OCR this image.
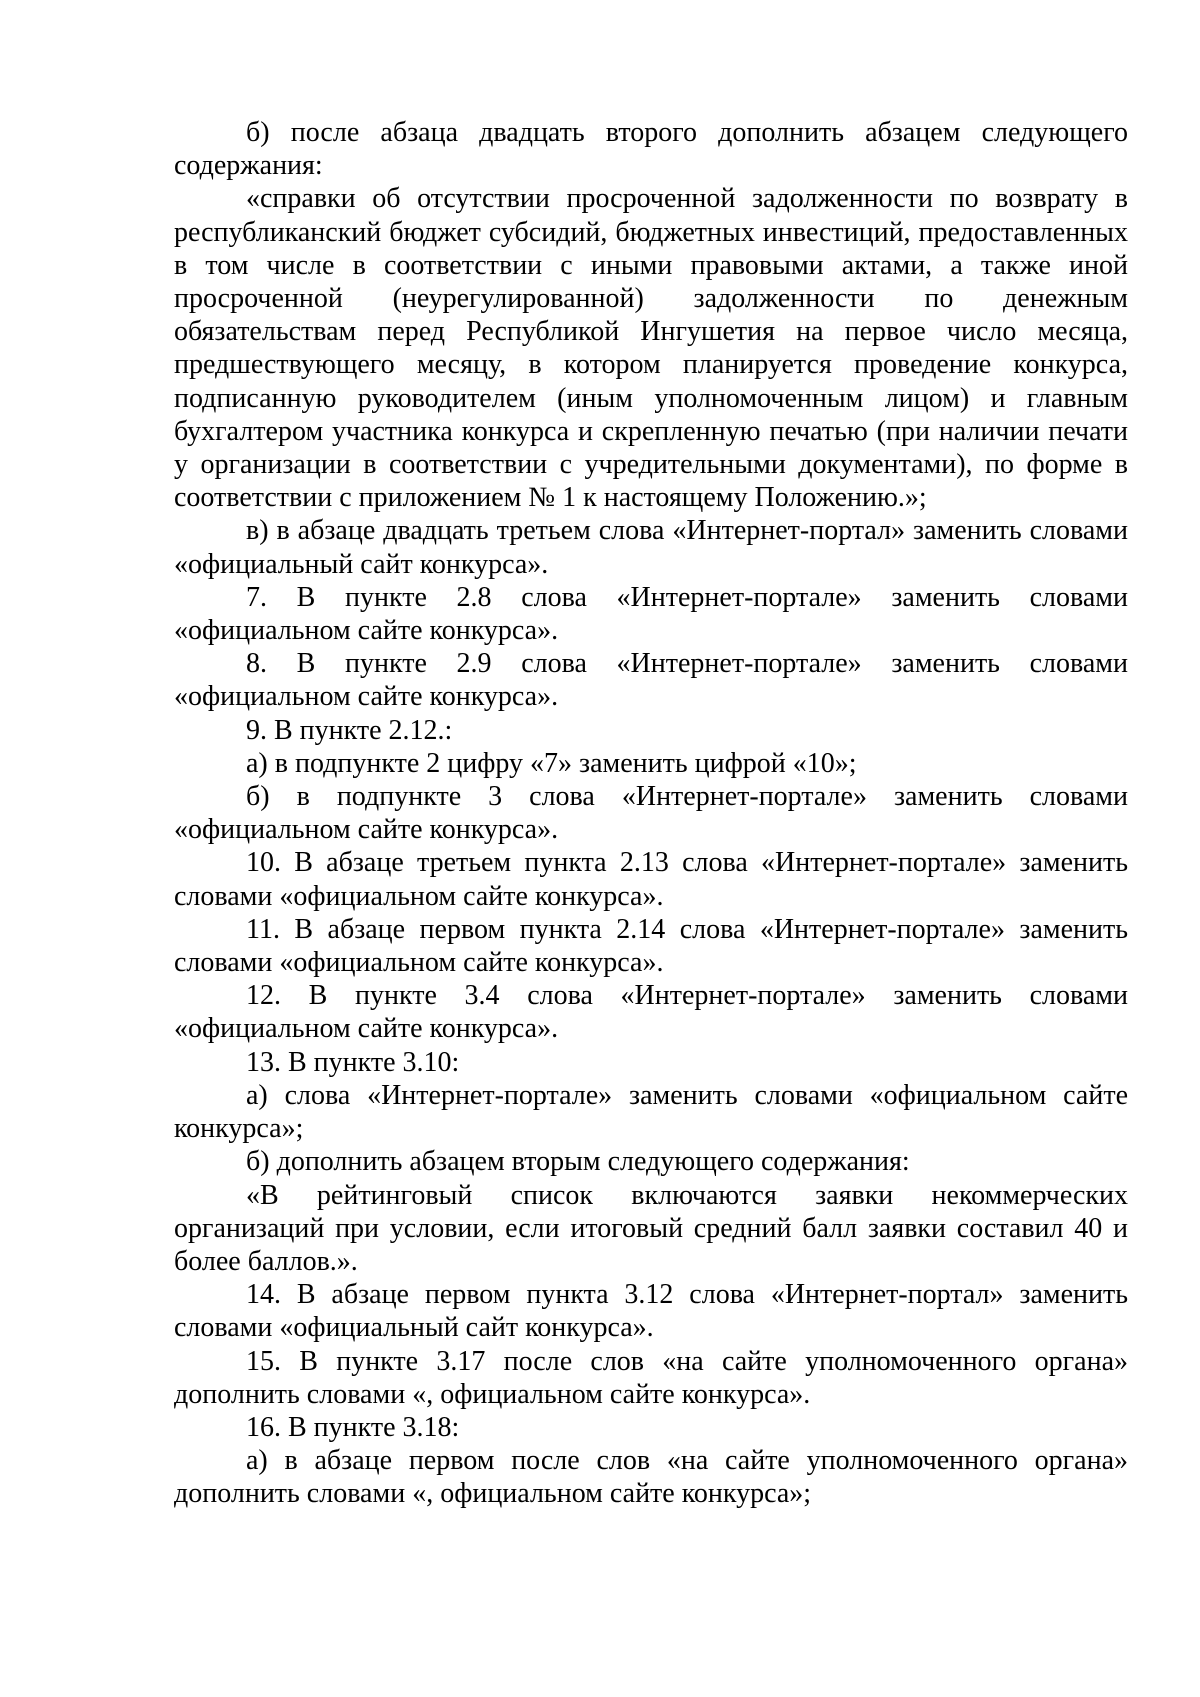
б) после абзаца двадцать второго дополнить абзацем следующего содержания:

«справки об отсутствии просроченной задолженности по возврату в республиканский бюджет субсидий, бюджетных инвестиций, предоставленных в том числе в соответствии с иными правовыми актами, а также иной просроченной (неурегулированной) задолженности по денежным обязательствам перед Республикой Ингушетия на первое число месяца, предшествующего месяцу, в котором планируется проведение конкурса, подписанную руководителем (иным уполномоченным лицом) и главным бухгалтером участника конкурса и скрепленную печатью (при наличии печати у организации в соответствии с учредительными документами), по форме в соответствии с приложением № 1 к настоящему Положению.»;

в) в абзаце двадцать третьем слова «Интернет-портал» заменить словами «официальный сайт конкурса».

7. В пункте 2.8 слова «Интернет-портале» заменить словами «официальном сайте конкурса».

8. В пункте 2.9 слова «Интернет-портале» заменить словами «официальном сайте конкурса».

9. В пункте 2.12.:

а) в подпункте 2 цифру «7» заменить цифрой «10»;

б) в подпункте 3 слова «Интернет-портале» заменить словами «официальном сайте конкурса».

10. В абзаце третьем пункта 2.13 слова «Интернет-портале» заменить словами «официальном сайте конкурса».

11. В абзаце первом пункта 2.14 слова «Интернет-портале» заменить словами «официальном сайте конкурса».

12. В пункте 3.4 слова «Интернет-портале» заменить словами «официальном сайте конкурса».

13. В пункте 3.10:

а) слова «Интернет-портале» заменить словами «официальном сайте конкурса»;

б) дополнить абзацем вторым следующего содержания:

«В рейтинговый список включаются заявки некоммерческих организаций при условии, если итоговый средний балл заявки составил 40 и более баллов.».

14. В абзаце первом пункта 3.12 слова «Интернет-портал» заменить словами «официальный сайт конкурса».

15. В пункте 3.17 после слов «на сайте уполномоченного органа» дополнить словами «, официальном сайте конкурса».

16. В пункте 3.18:

а) в абзаце первом после слов «на сайте уполномоченного органа» дополнить словами «, официальном сайте конкурса»;
